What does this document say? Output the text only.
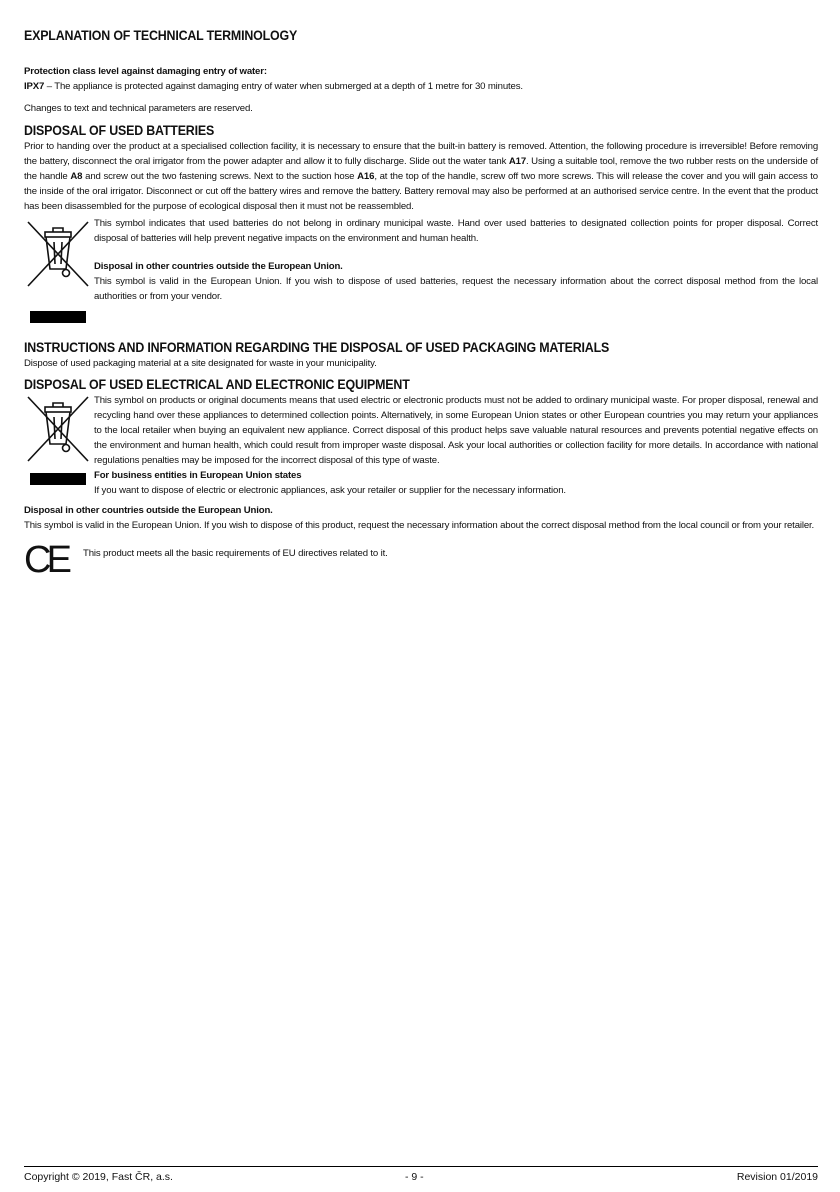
EXPLANATION OF TECHNICAL TERMINOLOGY

Protection class level against damaging entry of water:

IPX7 – The appliance is protected against damaging entry of water when submerged at a depth of 1 metre for 30 minutes.

Changes to text and technical parameters are reserved.

DISPOSAL OF USED BATTERIES

Prior to handing over the product at a specialised collection facility, it is necessary to ensure that the built-in battery is removed. Attention, the following procedure is irreversible! Before removing the battery, disconnect the oral irrigator from the power adapter and allow it to fully discharge. Slide out the water tank A17. Using a suitable tool, remove the two rubber rests on the underside of the handle A8 and screw out the two fastening screws. Next to the suction hose A16, at the top of the handle, screw off two more screws. This will release the cover and you will gain access to the inside of the oral irrigator. Disconnect or cut off the battery wires and remove the battery. Battery removal may also be performed at an authorised service centre. In the event that the product has been disassembled for the purpose of ecological disposal then it must not be reassembled.

This symbol indicates that used batteries do not belong in ordinary municipal waste. Hand over used batteries to designated collection points for proper disposal. Correct disposal of batteries will help prevent negative impacts on the environment and human health.

Disposal in other countries outside the European Union.

This symbol is valid in the European Union. If you wish to dispose of used batteries, request the necessary information about the correct disposal method from the local authorities or from your vendor.

INSTRUCTIONS AND INFORMATION REGARDING THE DISPOSAL OF USED PACKAGING MATERIALS

Dispose of used packaging material at a site designated for waste in your municipality.

DISPOSAL OF USED ELECTRICAL AND ELECTRONIC EQUIPMENT

This symbol on products or original documents means that used electric or electronic products must not be added to ordinary municipal waste. For proper disposal, renewal and recycling hand over these appliances to determined collection points. Alternatively, in some European Union states or other European countries you may return your appliances to the local retailer when buying an equivalent new appliance. Correct disposal of this product helps save valuable natural resources and prevents potential negative effects on the environment and human health, which could result from improper waste disposal. Ask your local authorities or collection facility for more details. In accordance with national regulations penalties may be imposed for the incorrect disposal of this type of waste.

For business entities in European Union states

If you want to dispose of electric or electronic appliances, ask your retailer or supplier for the necessary information.

Disposal in other countries outside the European Union.

This symbol is valid in the European Union. If you wish to dispose of this product, request the necessary information about the correct disposal method from the local council or from your retailer.

CE This product meets all the basic requirements of EU directives related to it.

Copyright © 2019, Fast ČR, a.s.	- 9 -	Revision 01/2019
